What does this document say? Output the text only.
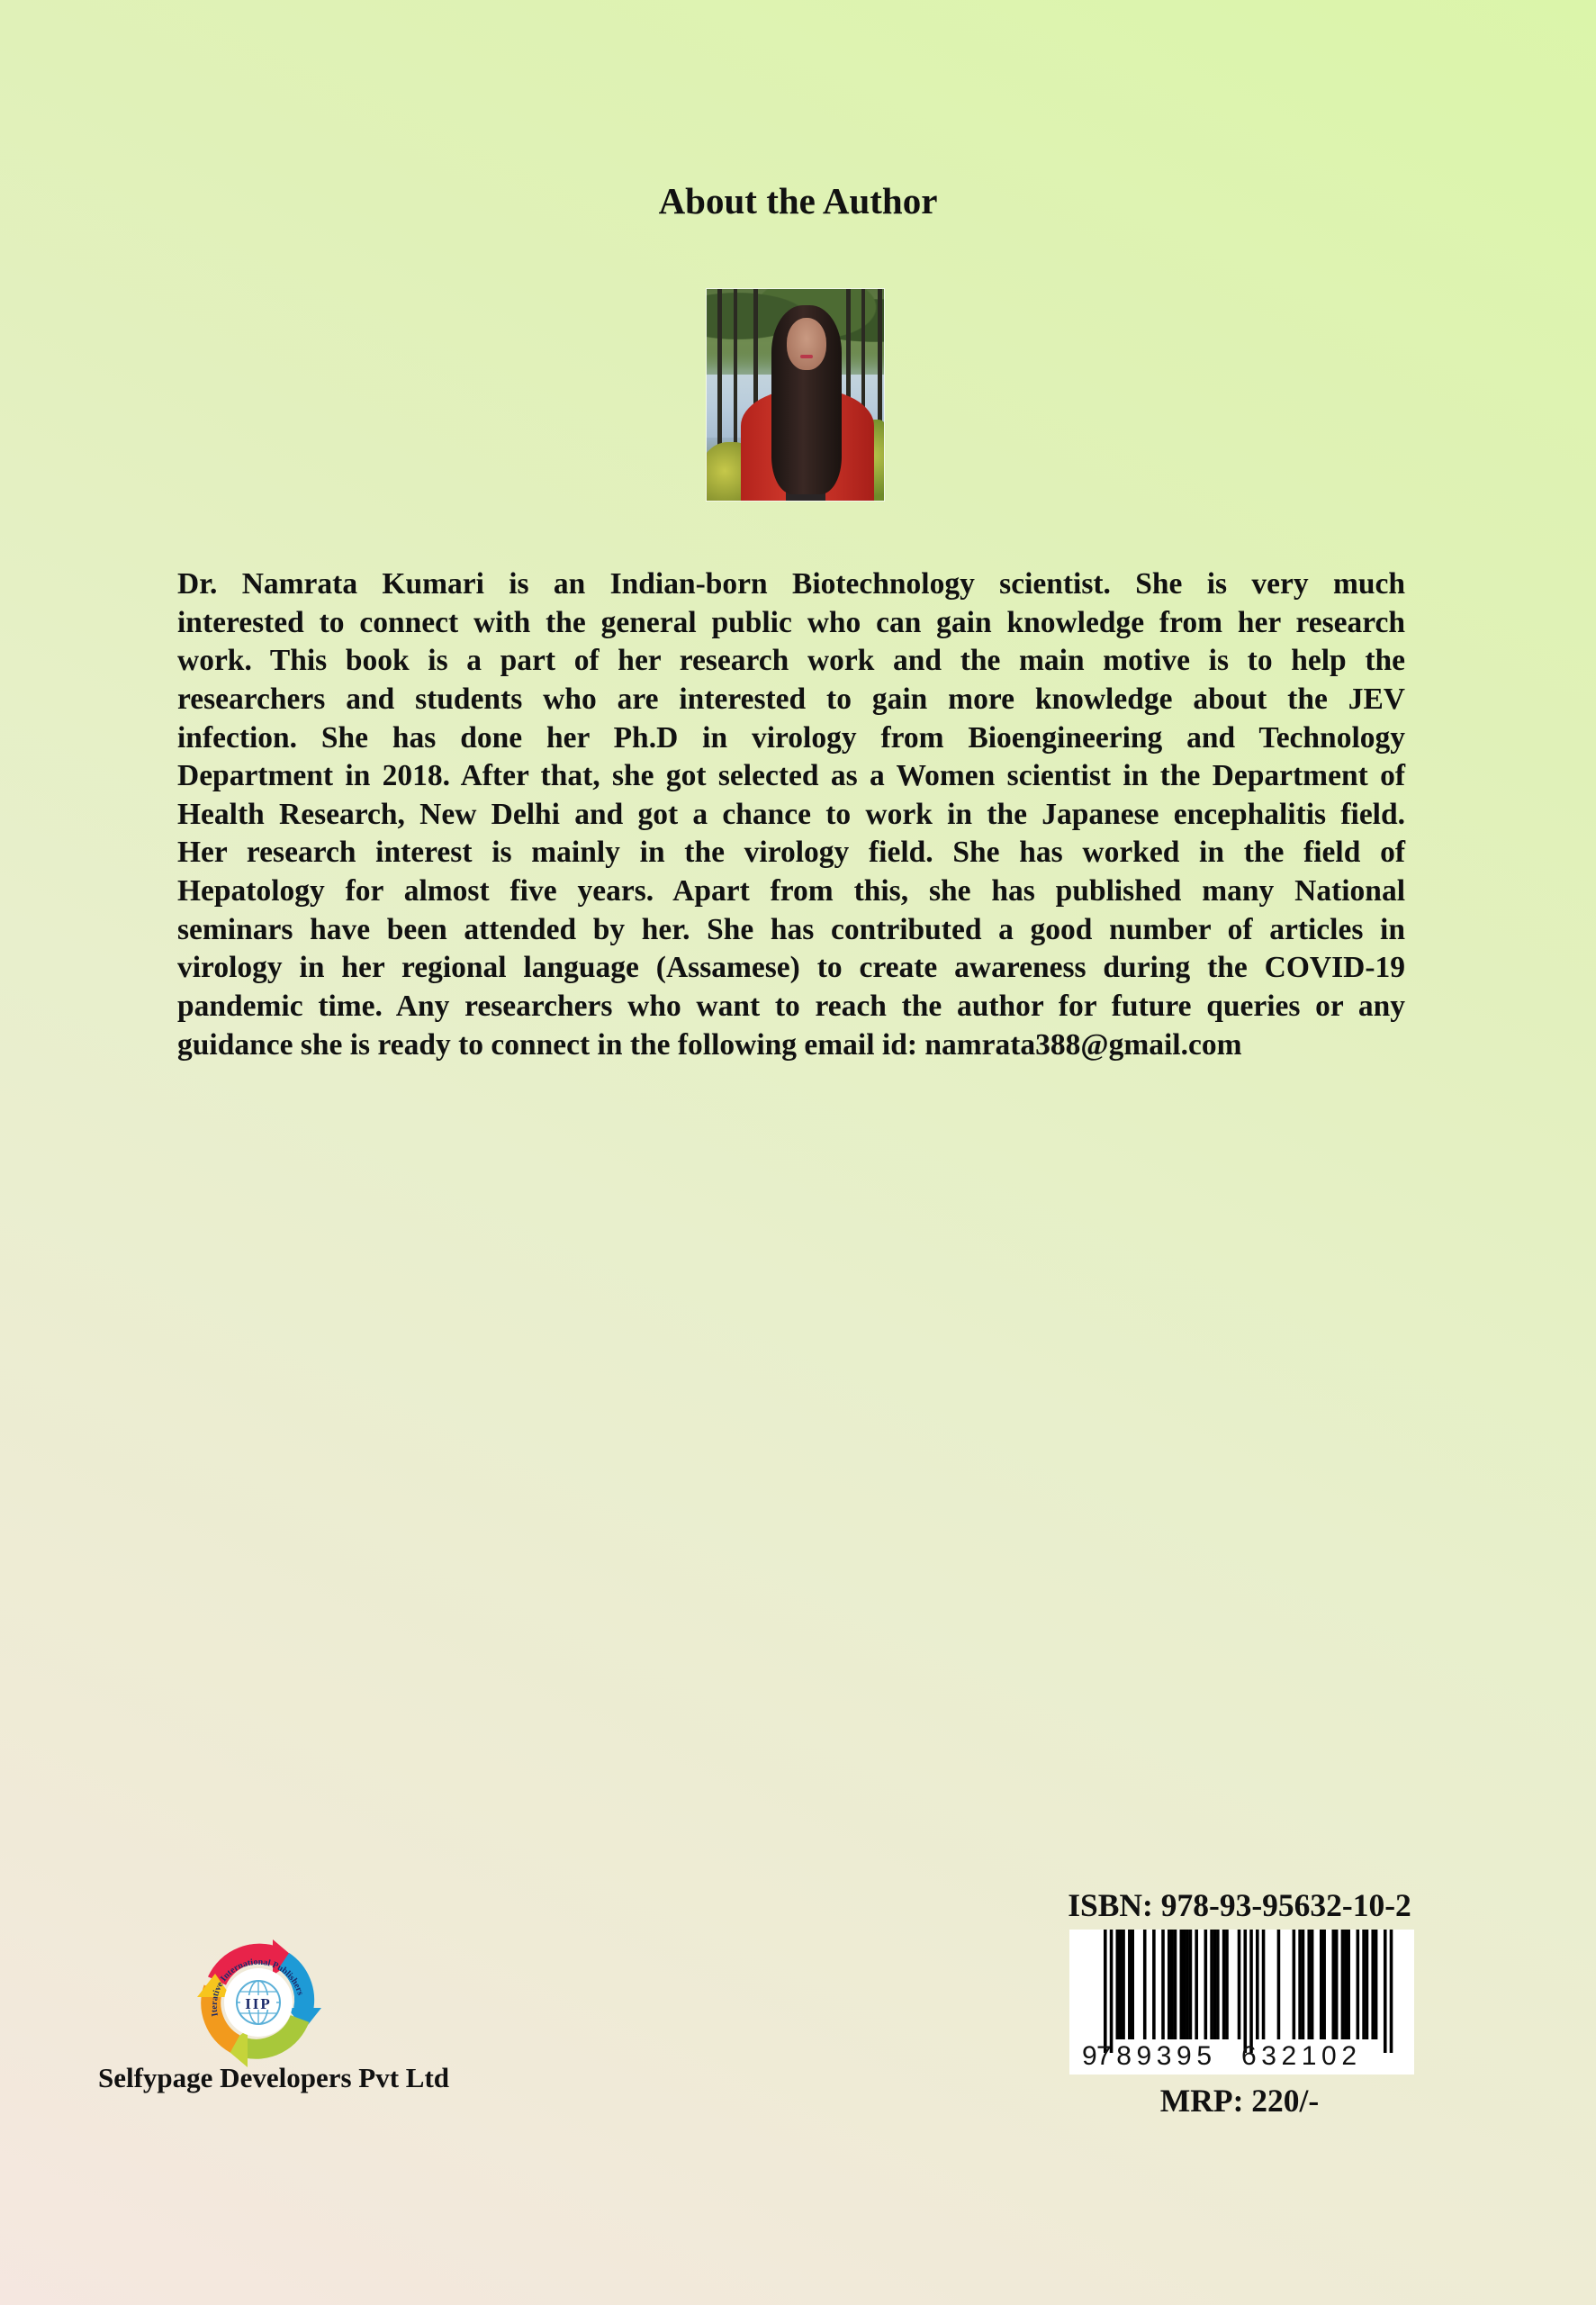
About the Author
Dr. Namrata Kumari is an Indian-born Biotechnology scientist. She is very much
interested to connect with the general public who can gain knowledge from her research
work. This book is a part of her research work and the main motive is to help the
researchers and students who are interested to gain more knowledge about the JEV
infection. She has done her Ph.D in virology from Bioengineering and Technology
Department in 2018. After that, she got selected as a Women scientist in the Department of
Health Research, New Delhi and got a chance to work in the Japanese encephalitis field.
Her research interest is mainly in the virology field. She has worked in the field of
Hepatology for almost five years. Apart from this, she has published many National
seminars have been attended by her. She has contributed a good number of articles in
virology in her regional language (Assamese) to create awareness during the COVID-19
pandemic time. Any researchers who want to reach the author for future queries or any
guidance she is ready to connect in the following email id: namrata388@gmail.com
IIP
Iterative International Publishers
Selfypage Developers Pvt Ltd
ISBN: 978-93-95632-10-2
9 789395 632102
MRP: 220/-
